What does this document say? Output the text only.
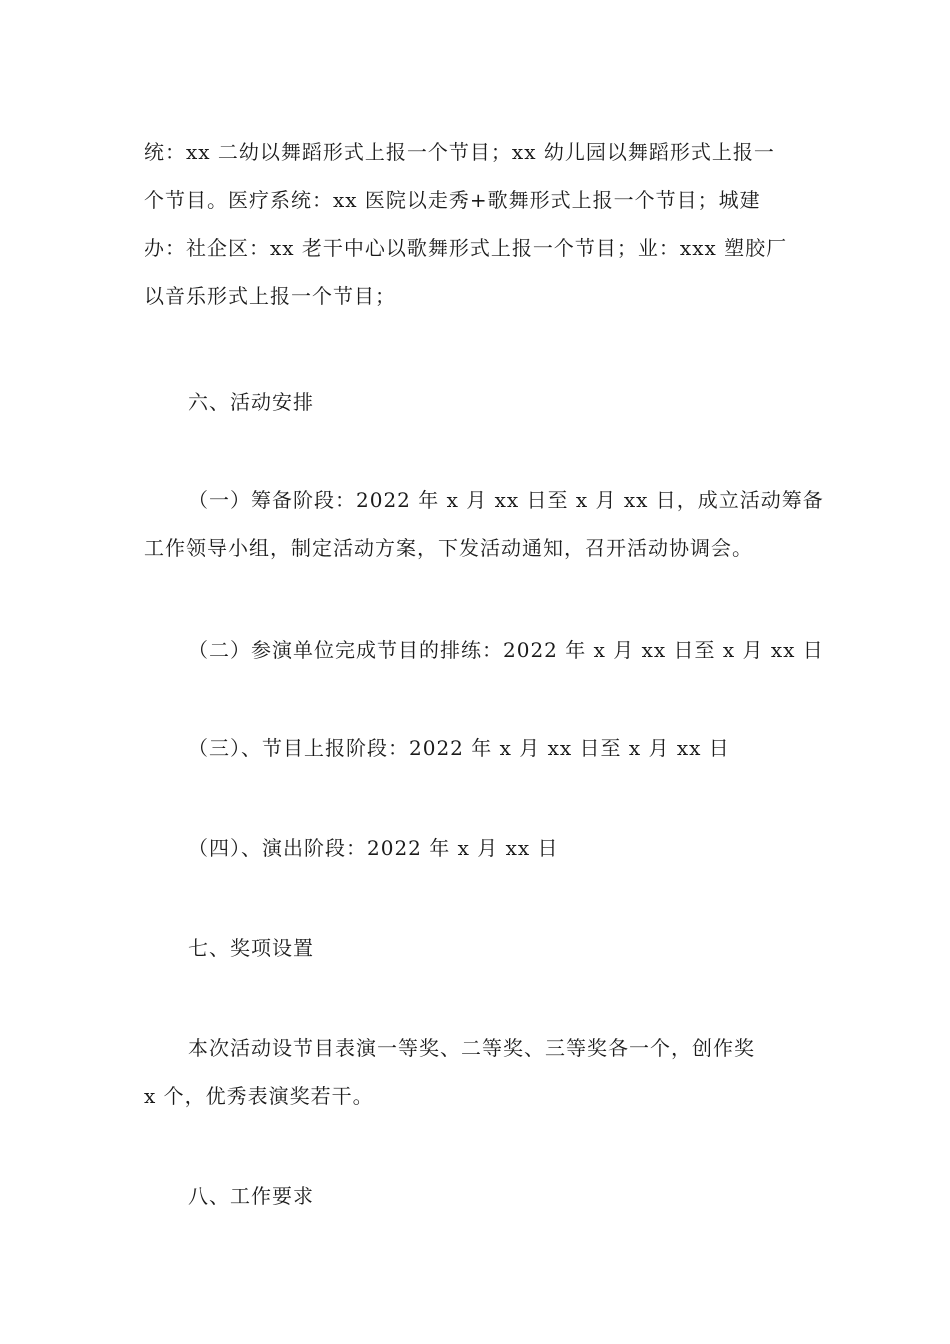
统：xx 二幼以舞蹈形式上报一个节目；xx 幼儿园以舞蹈形式上报一
个节目。医疗系统：xx 医院以走秀+歌舞形式上报一个节目；城建
办：社企区：xx 老干中心以歌舞形式上报一个节目；业：xxx 塑胶厂
以音乐形式上报一个节目；
六、活动安排
（一）筹备阶段：2022 年 x 月 xx 日至 x 月 xx 日，成立活动筹备
工作领导小组，制定活动方案，下发活动通知，召开活动协调会。
（二）参演单位完成节目的排练：2022 年 x 月 xx 日至 x 月 xx 日
（三）、节目上报阶段：2022 年 x 月 xx 日至 x 月 xx 日
（四）、演出阶段：2022 年 x 月 xx 日
七、奖项设置
本次活动设节目表演一等奖、二等奖、三等奖各一个，创作奖
x 个，优秀表演奖若干。
八、工作要求
